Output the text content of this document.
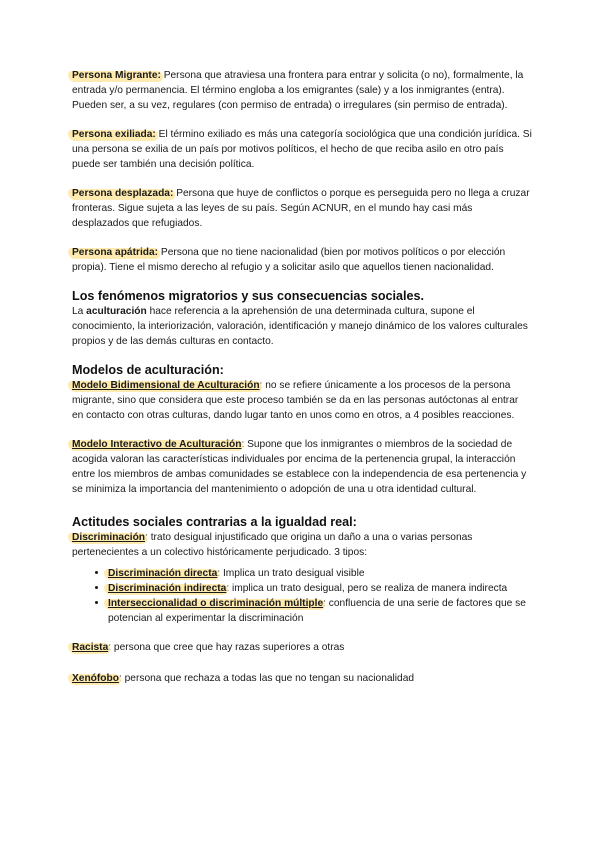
Persona Migrante: Persona que atraviesa una frontera para entrar y solicita (o no), formalmente, la entrada y/o permanencia. El término engloba a los emigrantes (sale) y a los inmigrantes (entra). Pueden ser, a su vez, regulares (con permiso de entrada) o irregulares (sin permiso de entrada).

Persona exiliada: El término exiliado es más una categoría sociológica que una condición jurídica. Si una persona se exilia de un país por motivos políticos, el hecho de que reciba asilo en otro país puede ser también una decisión política.

Persona desplazada: Persona que huye de conflictos o porque es perseguida pero no llega a cruzar fronteras. Sigue sujeta a las leyes de su país. Según ACNUR, en el mundo hay casi más desplazados que refugiados.

Persona apátrida: Persona que no tiene nacionalidad (bien por motivos políticos o por elección propia). Tiene el mismo derecho al refugio y a solicitar asilo que aquellos tienen nacionalidad.

Los fenómenos migratorios y sus consecuencias sociales.

La aculturación hace referencia a la aprehensión de una determinada cultura, supone el conocimiento, la interiorización, valoración, identificación y manejo dinámico de los valores culturales propios y de las demás culturas en contacto.

Modelos de aculturación:

Modelo Bidimensional de Aculturación: no se refiere únicamente a los procesos de la persona migrante, sino que considera que este proceso también se da en las personas autóctonas al entrar en contacto con otras culturas, dando lugar tanto en unos como en otros, a 4 posibles reacciones.

Modelo Interactivo de Aculturación: Supone que los inmigrantes o miembros de la sociedad de acogida valoran las características individuales por encima de la pertenencia grupal, la interacción entre los miembros de ambas comunidades se establece con la independencia de esa pertenencia y se minimiza la importancia del mantenimiento o adopción de una u otra identidad cultural.

Actitudes sociales contrarias a la igualdad real:

Discriminación: trato desigual injustificado que origina un daño a una o varias personas pertenecientes a un colectivo históricamente perjudicado. 3 tipos:

• Discriminación directa: Implica un trato desigual visible
• Discriminación indirecta: implica un trato desigual, pero se realiza de manera indirecta
• Interseccionalidad o discriminación múltiple: confluencia de una serie de factores que se potencian al experimentar la discriminación

Racista: persona que cree que hay razas superiores a otras

Xenófobo: persona que rechaza a todas las que no tengan su nacionalidad
